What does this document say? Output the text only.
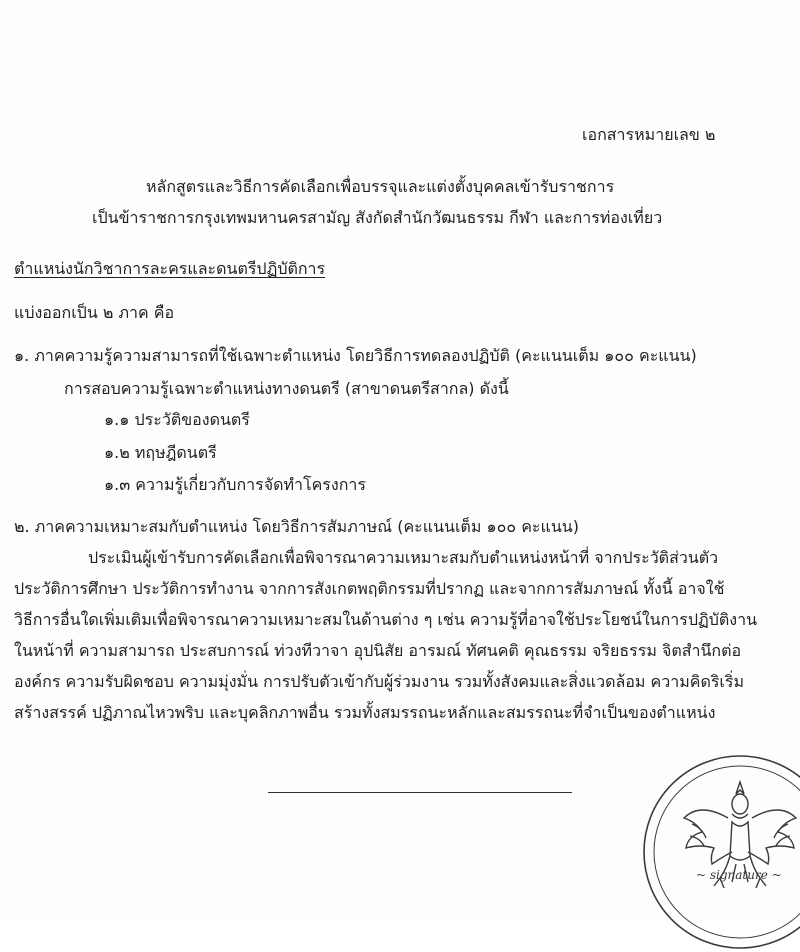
เอกสารหมายเลข ๒
หลักสูตรและวิธีการคัดเลือกเพื่อบรรจุและแต่งตั้งบุคคลเข้ารับราชการ
เป็นข้าราชการกรุงเทพมหานครสามัญ สังกัดสำนักวัฒนธรรม กีฬา และการท่องเที่ยว
ตำแหน่งนักวิชาการละครและดนตรีปฏิบัติการ
แบ่งออกเป็น ๒ ภาค คือ
๑. ภาคความรู้ความสามารถที่ใช้เฉพาะตำแหน่ง โดยวิธีการทดลองปฏิบัติ (คะแนนเต็ม ๑๐๐ คะแนน)
การสอบความรู้เฉพาะตำแหน่งทางดนตรี (สาขาดนตรีสากล) ดังนี้
๑.๑ ประวัติของดนตรี
๑.๒ ทฤษฎีดนตรี
๑.๓ ความรู้เกี่ยวกับการจัดทำโครงการ
๒. ภาคความเหมาะสมกับตำแหน่ง โดยวิธีการสัมภาษณ์ (คะแนนเต็ม ๑๐๐ คะแนน)
ประเมินผู้เข้ารับการคัดเลือกเพื่อพิจารณาความเหมาะสมกับตำแหน่งหน้าที่ จากประวัติส่วนตัว
ประวัติการศึกษา ประวัติการทำงาน จากการสังเกตพฤติกรรมที่ปรากฏ และจากการสัมภาษณ์ ทั้งนี้ อาจใช้
วิธีการอื่นใดเพิ่มเติมเพื่อพิจารณาความเหมาะสมในด้านต่าง ๆ เช่น ความรู้ที่อาจใช้ประโยชน์ในการปฏิบัติงาน
ในหน้าที่ ความสามารถ ประสบการณ์ ท่วงทีวาจา อุปนิสัย อารมณ์ ทัศนคติ คุณธรรม จริยธรรม จิตสำนึกต่อ
องค์กร ความรับผิดชอบ ความมุ่งมั่น การปรับตัวเข้ากับผู้ร่วมงาน รวมทั้งสังคมและสิ่งแวดล้อม ความคิดริเริ่ม
สร้างสรรค์ ปฏิภาณไหวพริบ และบุคลิกภาพอื่น รวมทั้งสมรรถนะหลักและสมรรถนะที่จำเป็นของตำแหน่ง
~ signature ~
